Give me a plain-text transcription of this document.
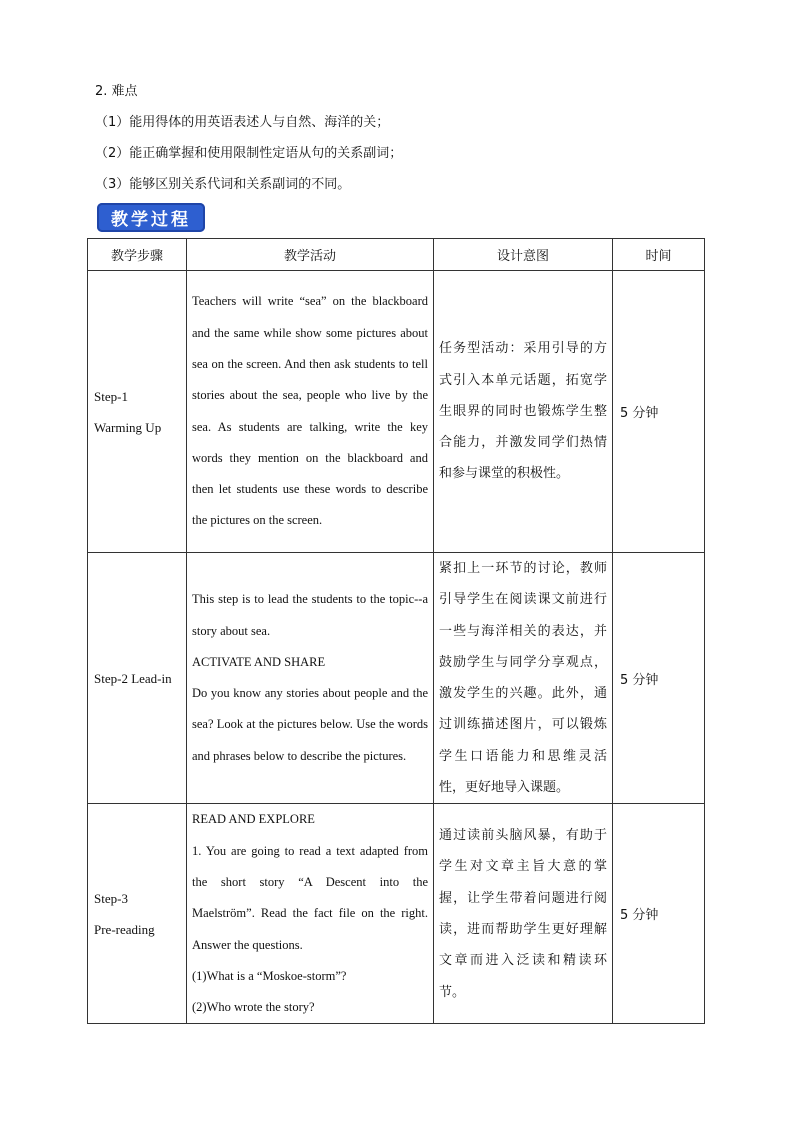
2. 难点
（1）能用得体的用英语表述人与自然、海洋的关；
（2）能正确掌握和使用限制性定语从句的关系副词；
（3）能够区别关系代词和关系副词的不同。
教学过程
教学步骤	教学活动	设计意图	时间

Step-1
Warming Up	Teachers will write “sea” on the blackboard and the same while show some pictures about sea on the screen. And then ask students to tell stories about the sea, people who live by the sea. As students are talking, write the key words they mention on the blackboard and then let students use these words to describe the pictures on the screen.	任务型活动：采用引导的方式引入本单元话题，拓宽学生眼界的同时也锻炼学生整合能力，并激发同学们热情和参与课堂的积极性。	5 分钟

Step-2 Lead-in	This step is to lead the students to the topic--a story about sea.
ACTIVATE AND SHARE
Do you know any stories about people and the sea? Look at the pictures below. Use the words and phrases below to describe the pictures.	紧扣上一环节的讨论，教师引导学生在阅读课文前进行一些与海洋相关的表达，并鼓励学生与同学分享观点，激发学生的兴趣。此外，通过训练描述图片，可以锻炼学生口语能力和思维灵活性，更好地导入课题。	5 分钟

Step-3
Pre-reading	READ AND EXPLORE
1. You are going to read a text adapted from the short story “A Descent into the Maelström”. Read the fact file on the right. Answer the questions.
(1)What is a “Moskoe-storm”?
(2)Who wrote the story?	通过读前头脑风暴，有助于学生对文章主旨大意的掌握，让学生带着问题进行阅读，进而帮助学生更好理解文章而进入泛读和精读环节。	5 分钟
